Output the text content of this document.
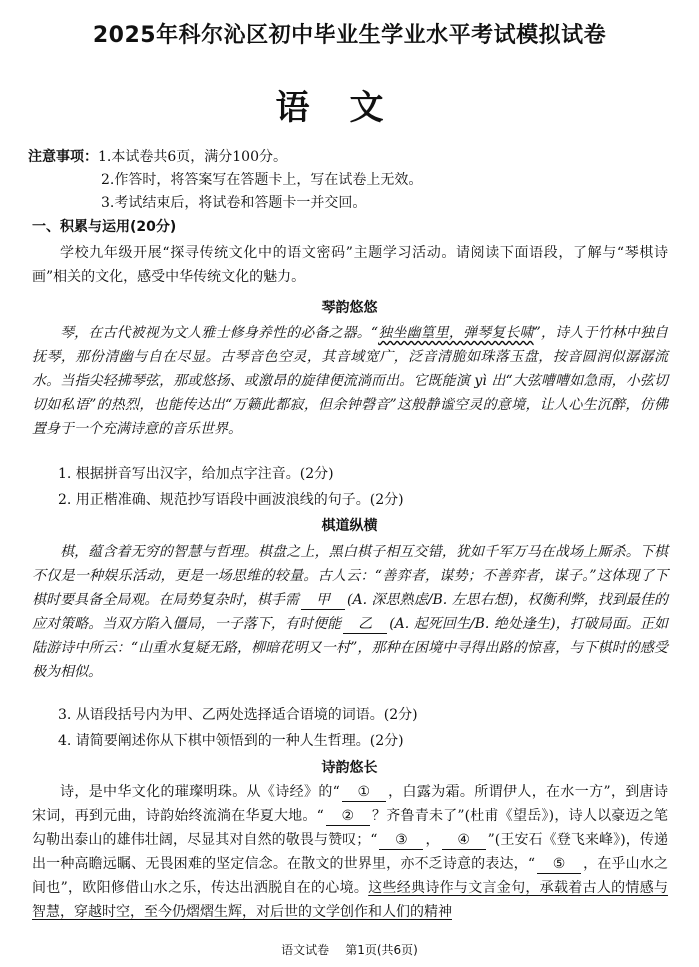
2025年科尔沁区初中毕业生学业水平考试模拟试卷
语文
注意事项：1.本试卷共6页，满分100分。
2.作答时，将答案写在答题卡上，写在试卷上无效。
3.考试结束后，将试卷和答题卡一并交回。
一、积累与运用(20分)
学校九年级开展“探寻传统文化中的语文密码”主题学习活动。请阅读下面语段，了解与“琴棋诗画”相关的文化，感受中华传统文化的魅力。
琴韵悠悠
琴，在古代被视为文人雅士修身养性的必备之器。“独坐幽篁里，弹琴复长啸”，诗人于竹林中独自抚琴，那份清幽与自在尽显。古琴音色空灵，其音域宽广，泛音清脆如珠落玉盘，按音圆润似潺潺流水。当指尖轻拂琴弦，那或悠扬、或激昂的旋律便流淌而出。它既能演 yì 出“大弦嘈嘈如急雨，小弦切切如私语”的热烈，也能传达出“万籁此都寂，但余钟磬音”这般静谧空灵的意境，让人心生沉醉，仿佛置身于一个充满诗意的音乐世界。
1. 根据拼音写出汉字，给加点字注音。(2分)
2. 用正楷准确、规范抄写语段中画波浪线的句子。(2分)
棋道纵横
棋，蕴含着无穷的智慧与哲理。棋盘之上，黑白棋子相互交错，犹如千军万马在战场上厮杀。下棋不仅是一种娱乐活动，更是一场思维的较量。古人云：“善弈者，谋势；不善弈者，谋子。”这体现了下棋时要具备全局观。在局势复杂时，棋手需 甲 (A. 深思熟虑/B. 左思右想)，权衡利弊，找到最佳的应对策略。当双方陷入僵局，一子落下，有时便能 乙 (A. 起死回生/B. 绝处逢生)，打破局面。正如陆游诗中所云：“山重水复疑无路，柳暗花明又一村”，那种在困境中寻得出路的惊喜，与下棋时的感受极为相似。
3. 从语段括号内为甲、乙两处选择适合语境的词语。(2分)
4. 请简要阐述你从下棋中领悟到的一种人生哲理。(2分)
诗韵悠长
诗，是中华文化的璀璨明珠。从《诗经》的“ ① ，白露为霜。所谓伊人，在水一方”，到唐诗宋词，再到元曲，诗韵始终流淌在华夏大地。“ ② ？齐鲁青未了”(杜甫《望岳》)，诗人以豪迈之笔勾勒出泰山的雄伟壮阔，尽显其对自然的敬畏与赞叹；“ ③ ， ④ ”(王安石《登飞来峰》)，传递出一种高瞻远瞩、无畏困难的坚定信念。在散文的世界里，亦不乏诗意的表达，“ ⑤ ，在乎山水之间也”，欧阳修借山水之乐，传达出洒脱自在的心境。这些经典诗作与文言金句，承载着古人的情感与智慧，穿越时空，至今仍熠熠生辉，对后世的文学创作和人们的精神
语文试卷 第1页(共6页)
